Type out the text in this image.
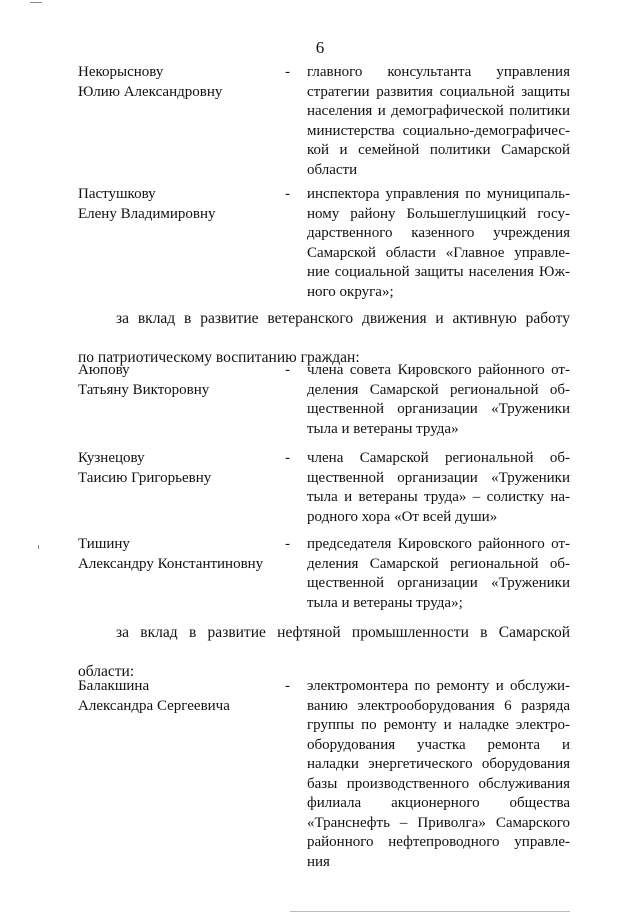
6
Некорыснову
Юлию Александровну
- главного консультанта управления
стратегии развития социальной защиты
населения и демографической политики
министерства социально-демографичес-
кой и семейной политики Самарской
области
Пастушкову
Елену Владимировну
- инспектора управления по муниципаль-
ному району Большеглушицкий госу-
дарственного казенного учреждения
Самарской области «Главное управле-
ние социальной защиты населения Юж-
ного округа»;
за вклад в развитие ветеранского движения и активную работу
по патриотическому воспитанию граждан:
Аюпову
Татьяну Викторовну
- члена совета Кировского районного от-
деления Самарской региональной об-
щественной организации «Труженики
тыла и ветераны труда»
Кузнецову
Таисию Григорьевну
- члена Самарской региональной об-
щественной организации «Труженики
тыла и ветераны труда» – солистку на-
родного хора «От всей души»
Тишину
Александру Константиновну
- председателя Кировского районного от-
деления Самарской региональной об-
щественной организации «Труженики
тыла и ветераны труда»;
за вклад в развитие нефтяной промышленности в Самарской
области:
Балакшина
Александра Сергеевича
- электромонтера по ремонту и обслужи-
ванию электрооборудования 6 разряда
группы по ремонту и наладке электро-
оборудования участка ремонта и
наладки энергетического оборудования
базы производственного обслуживания
филиала акционерного общества
«Транснефть – Приволга» Самарского
районного нефтепроводного управле-
ния
